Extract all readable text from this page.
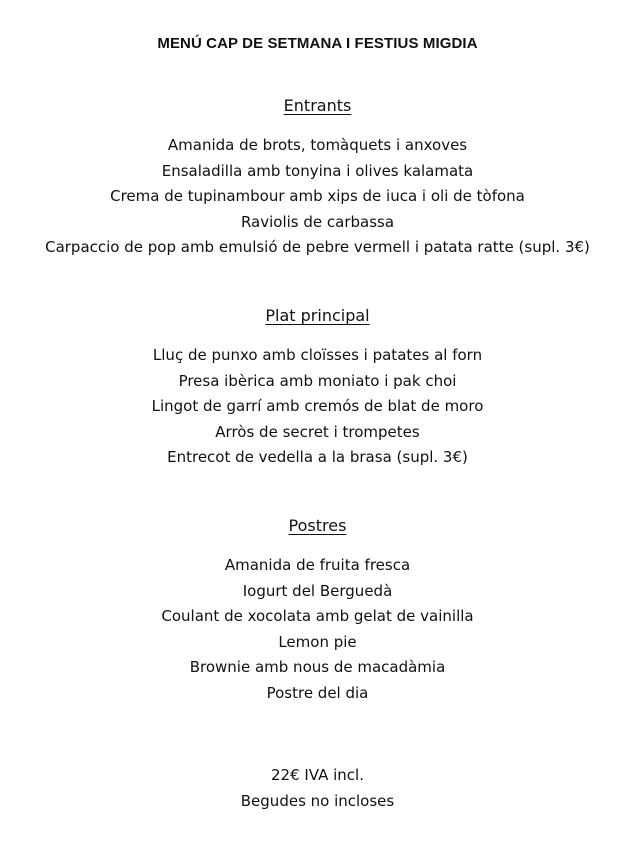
MENÚ CAP DE SETMANA I FESTIUS MIGDIA
Entrants
Amanida de brots, tomàquets i anxoves
Ensaladilla amb tonyina i olives kalamata
Crema de tupinambour amb xips de iuca i oli de tòfona
Raviolis de carbassa
Carpaccio de pop amb emulsió de pebre vermell i patata ratte (supl. 3€)
Plat principal
Lluç de punxo amb cloïsses i patates al forn
Presa ibèrica amb moniato i pak choi
Lingot de garrí amb cremós de blat de moro
Arròs de secret i trompetes
Entrecot de vedella a la brasa (supl. 3€)
Postres
Amanida de fruita fresca
Iogurt del Berguedà
Coulant de xocolata amb gelat de vainilla
Lemon pie
Brownie amb nous de macadàmia
Postre del dia
22€ IVA incl.
Begudes no incloses
